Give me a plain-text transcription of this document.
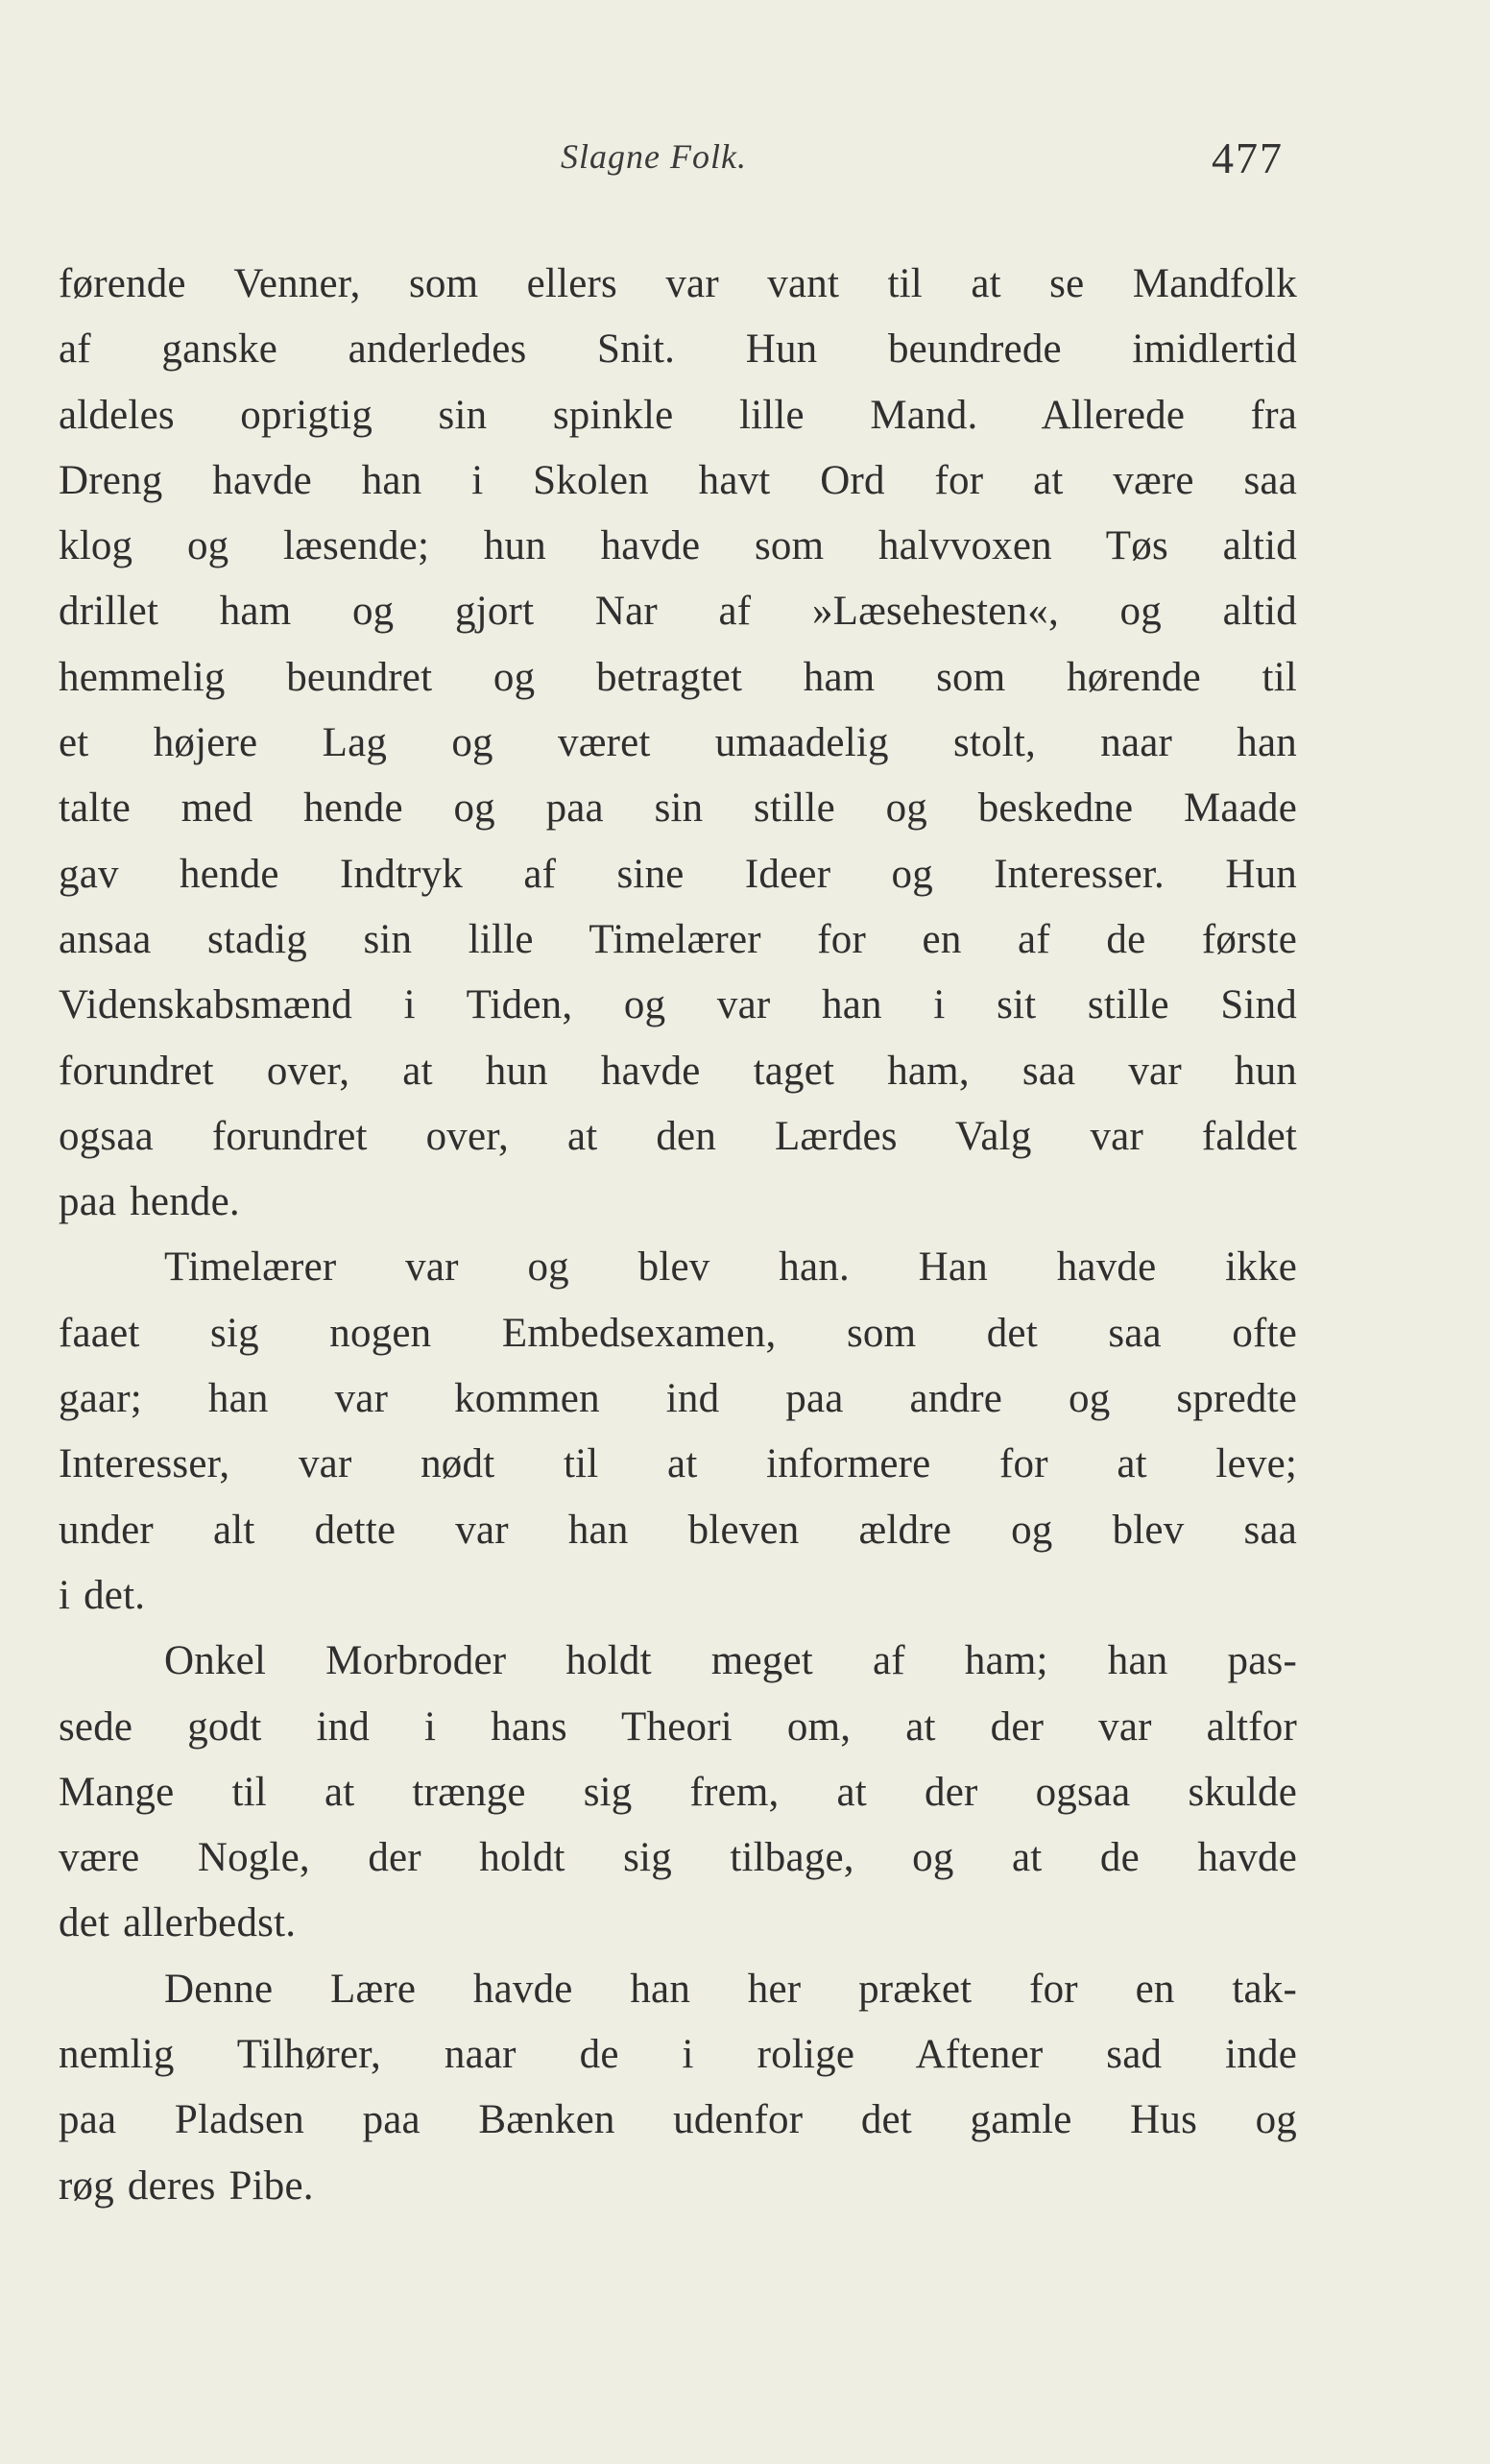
Slagne Folk.	477
førende Venner, som ellers var vant til at se Mandfolk
af ganske anderledes Snit. Hun beundrede imidlertid
aldeles oprigtig sin spinkle lille Mand. Allerede fra
Dreng havde han i Skolen havt Ord for at være saa
klog og læsende; hun havde som halvvoxen Tøs altid
drillet ham og gjort Nar af »Læsehesten«, og altid
hemmelig beundret og betragtet ham som hørende til
et højere Lag og været umaadelig stolt, naar han
talte med hende og paa sin stille og beskedne Maade
gav hende Indtryk af sine Ideer og Interesser. Hun
ansaa stadig sin lille Timelærer for en af de første
Videnskabsmænd i Tiden, og var han i sit stille Sind
forundret over, at hun havde taget ham, saa var hun
ogsaa forundret over, at den Lærdes Valg var faldet
paa hende.
Timelærer var og blev han. Han havde ikke
faaet sig nogen Embedsexamen, som det saa ofte
gaar; han var kommen ind paa andre og spredte
Interesser, var nødt til at informere for at leve;
under alt dette var han bleven ældre og blev saa
i det.
Onkel Morbroder holdt meget af ham; han pas-
sede godt ind i hans Theori om, at der var altfor
Mange til at trænge sig frem, at der ogsaa skulde
være Nogle, der holdt sig tilbage, og at de havde
det allerbedst.
Denne Lære havde han her præket for en tak-
nemlig Tilhører, naar de i rolige Aftener sad inde
paa Pladsen paa Bænken udenfor det gamle Hus og
røg deres Pibe.
